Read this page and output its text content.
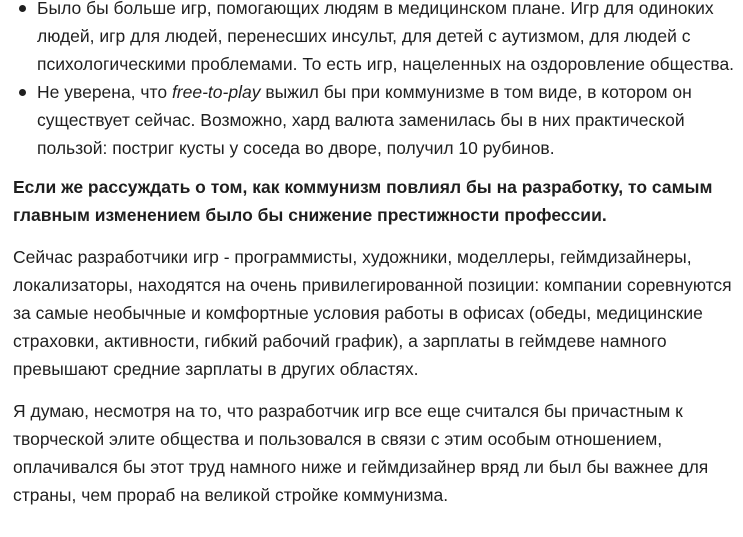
Было бы больше игр, помогающих людям в медицинском плане. Игр для одиноких людей, игр для людей, перенесших инсульт, для детей с аутизмом, для людей с психологическими проблемами. То есть игр, нацеленных на оздоровление общества.
Не уверена, что free-to-play выжил бы при коммунизме в том виде, в котором он существует сейчас. Возможно, хард валюта заменилась бы в них практической пользой: постриг кусты у соседа во дворе, получил 10 рубинов.

Если же рассуждать о том, как коммунизм повлиял бы на разработку, то самым главным изменением было бы снижение престижности профессии.

Сейчас разработчики игр - программисты, художники, моделлеры, геймдизайнеры, локализаторы, находятся на очень привилегированной позиции: компании соревнуются за самые необычные и комфортные условия работы в офисах (обеды, медицинские страховки, активности, гибкий рабочий график), а зарплаты в геймдеве намного превышают средние зарплаты в других областях.

Я думаю, несмотря на то, что разработчик игр все еще считался бы причастным к творческой элите общества и пользовался в связи с этим особым отношением, оплачивался бы этот труд намного ниже и геймдизайнер вряд ли был бы важнее для страны, чем прораб на великой стройке коммунизма.
